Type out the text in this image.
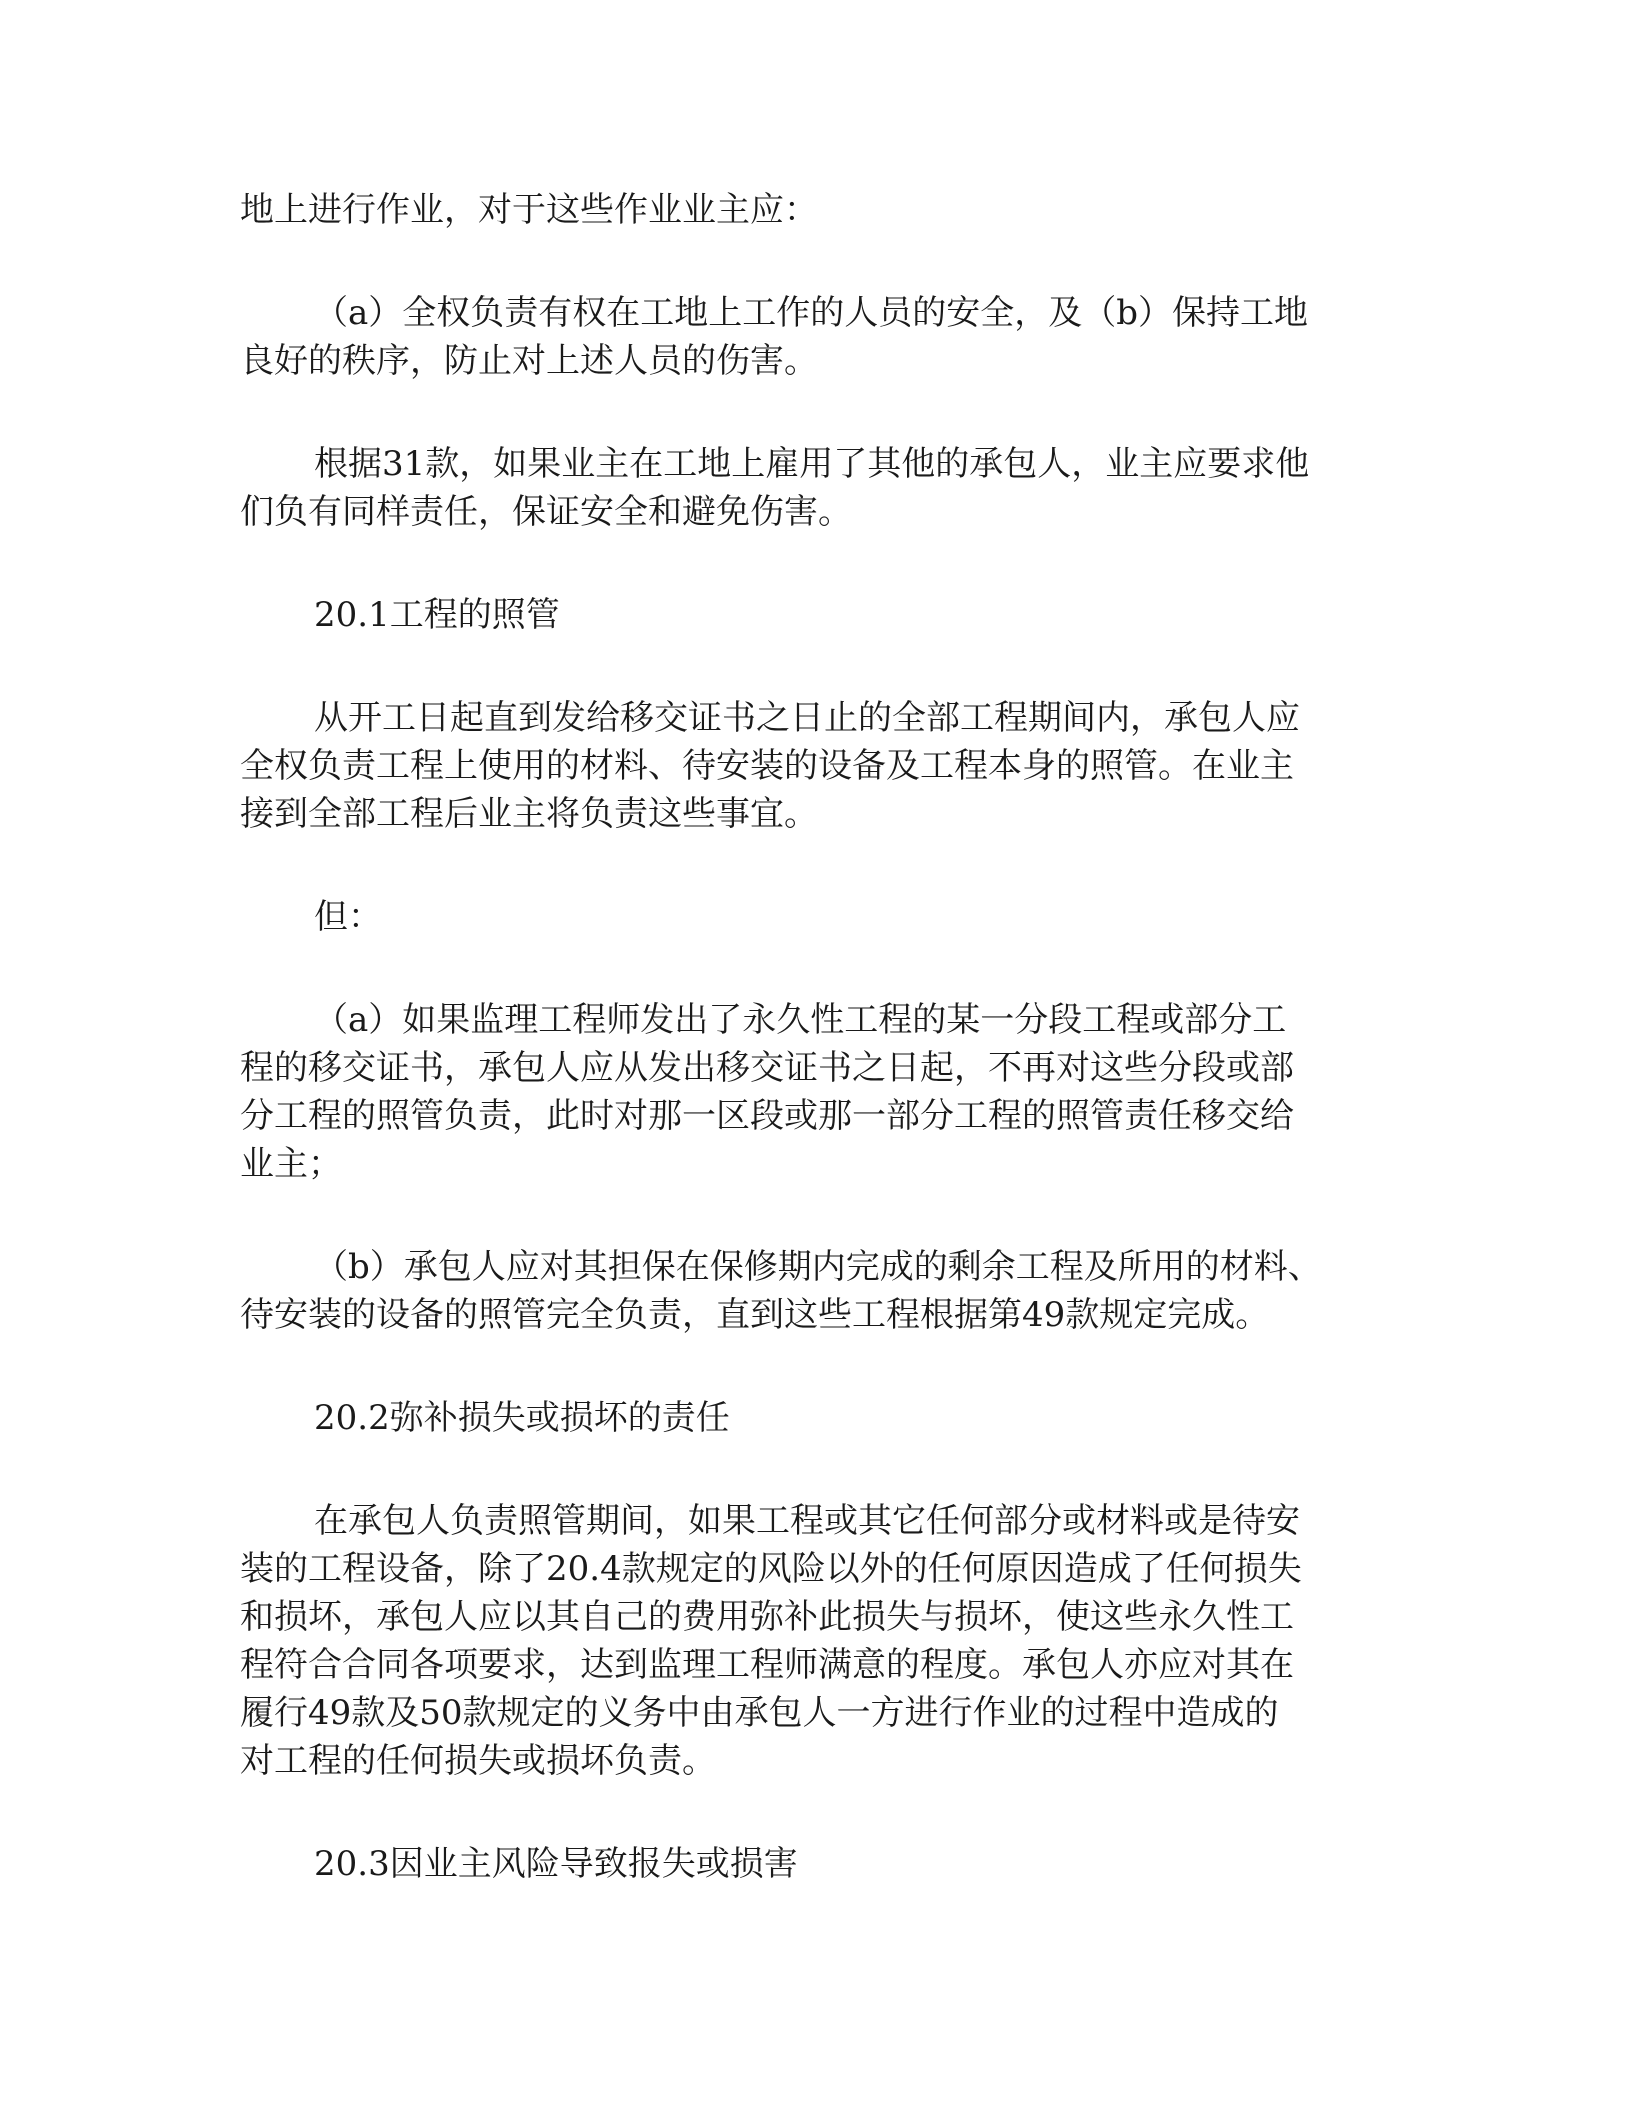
地上进行作业，对于这些作业业主应：

（a）全权负责有权在工地上工作的人员的安全，及（b）保持工地
良好的秩序，防止对上述人员的伤害。

根据31款，如果业主在工地上雇用了其他的承包人，业主应要求他
们负有同样责任，保证安全和避免伤害。

20.1工程的照管

从开工日起直到发给移交证书之日止的全部工程期间内，承包人应
全权负责工程上使用的材料、待安装的设备及工程本身的照管。在业主
接到全部工程后业主将负责这些事宜。

但：

（a）如果监理工程师发出了永久性工程的某一分段工程或部分工
程的移交证书，承包人应从发出移交证书之日起，不再对这些分段或部
分工程的照管负责，此时对那一区段或那一部分工程的照管责任移交给
业主；

（b）承包人应对其担保在保修期内完成的剩余工程及所用的材料、
待安装的设备的照管完全负责，直到这些工程根据第49款规定完成。

20.2弥补损失或损坏的责任

在承包人负责照管期间，如果工程或其它任何部分或材料或是待安
装的工程设备，除了20.4款规定的风险以外的任何原因造成了任何损失
和损坏，承包人应以其自己的费用弥补此损失与损坏，使这些永久性工
程符合合同各项要求，达到监理工程师满意的程度。承包人亦应对其在
履行49款及50款规定的义务中由承包人一方进行作业的过程中造成的
对工程的任何损失或损坏负责。

20.3因业主风险导致报失或损害
